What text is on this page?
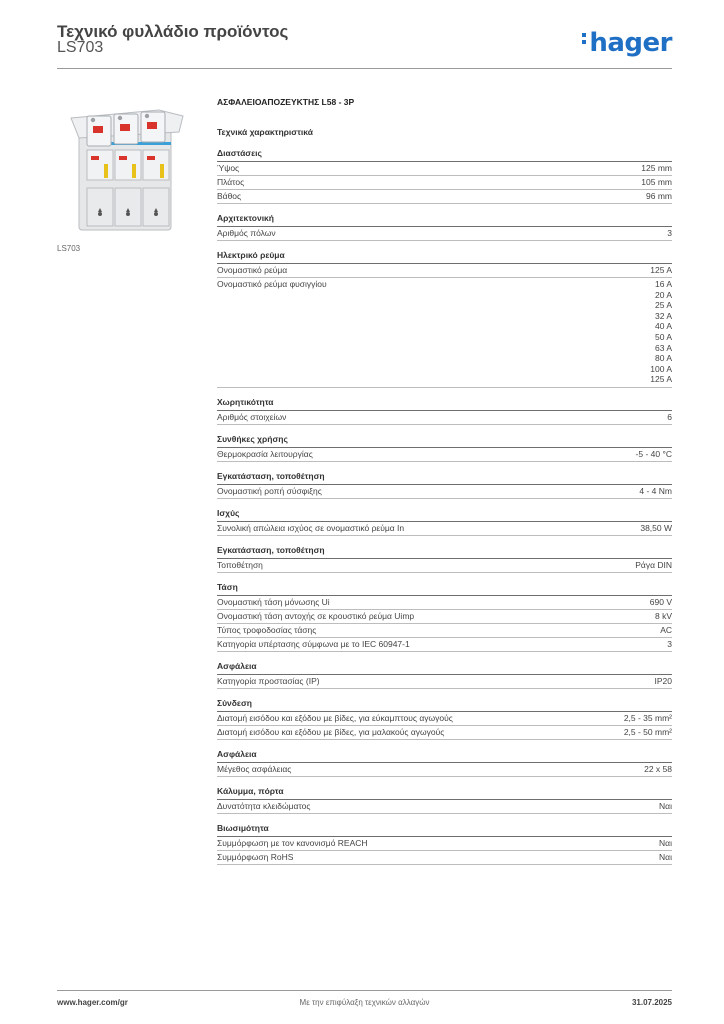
Τεχνικό φυλλάδιο προϊόντος
LS703	hager
LS703
ΑΣΦΑΛΕΙΟΑΠΟΖΕΥΚΤΗΣ L58 - 3P
Τεχνικά χαρακτηριστικά
Διαστάσεις
Ύψος	125 mm
Πλάτος	105 mm
Βάθος	96 mm
Αρχιτεκτονική
Αριθμός πόλων	3
Ηλεκτρικό ρεύμα
Ονομαστικό ρεύμα	125 A
Ονομαστικό ρεύμα φυσιγγίου	16 A
20 A
25 A
32 A
40 A
50 A
63 A
80 A
100 A
125 A
Χωρητικότητα
Αριθμός στοιχείων	6
Συνθήκες χρήσης
Θερμοκρασία λειτουργίας	-5 - 40 °C
Εγκατάσταση, τοποθέτηση
Ονομαστική ροπή σύσφιξης	4 - 4 Nm
Ισχύς
Συνολική απώλεια ισχύος σε ονομαστικό ρεύμα In	38,50 W
Εγκατάσταση, τοποθέτηση
Τοποθέτηση	Ράγα DIN
Τάση
Ονομαστική τάση μόνωσης Ui	690 V
Ονομαστική τάση αντοχής σε κρουστικό ρεύμα Uimp	8 kV
Τύπος τροφοδοσίας τάσης	AC
Κατηγορία υπέρτασης σύμφωνα με το IEC 60947-1	3
Ασφάλεια
Κατηγορία προστασίας (IP)	IP20
Σύνδεση
Διατομή εισόδου και εξόδου με βίδες, για εύκαμπτους αγωγούς	2,5 - 35 mm²
Διατομή εισόδου και εξόδου με βίδες, για μαλακούς αγωγούς	2,5 - 50 mm²
Ασφάλεια
Μέγεθος ασφάλειας	22 x 58
Κάλυμμα, πόρτα
Δυνατότητα κλειδώματος	Ναι
Βιωσιμότητα
Συμμόρφωση με τον κανονισμό REACH	Ναι
Συμμόρφωση RoHS	Ναι
www.hager.com/gr	Με την επιφύλαξη τεχνικών αλλαγών	31.07.2025
